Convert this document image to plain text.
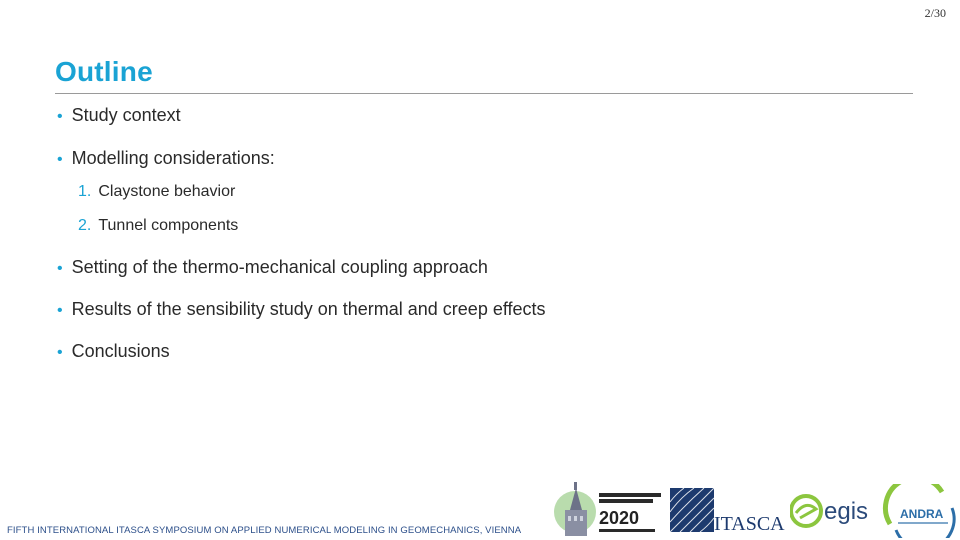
2/30
Outline
• Study context
• Modelling considerations:
1. Claystone behavior
2. Tunnel components
• Setting of the thermo-mechanical coupling approach
• Results of the sensibility study on thermal and creep effects
• Conclusions
FIFTH INTERNATIONAL ITASCA SYMPOSIUM ON APPLIED NUMERICAL MODELING IN GEOMECHANICS, VIENNA
2020	ITASCA egis	ANDRA
